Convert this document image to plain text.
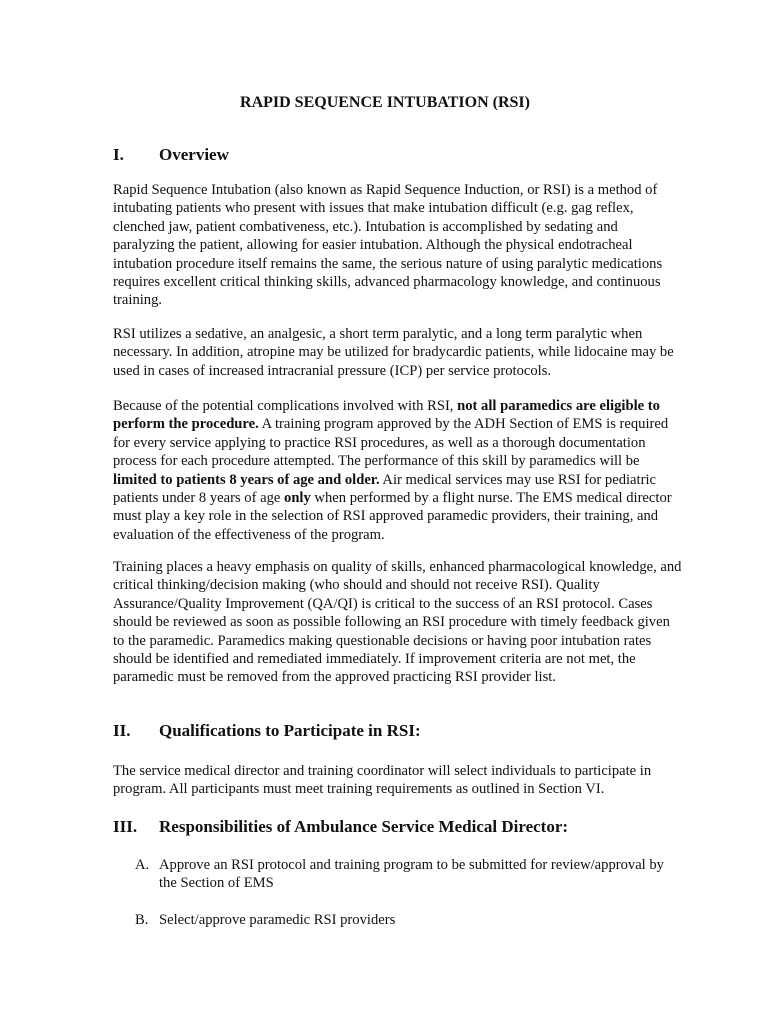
RAPID SEQUENCE INTUBATION (RSI)
I.	Overview

Rapid Sequence Intubation (also known as Rapid Sequence Induction, or RSI) is a method of intubating patients who present with issues that make intubation difficult (e.g. gag reflex, clenched jaw, patient combativeness, etc.). Intubation is accomplished by sedating and paralyzing the patient, allowing for easier intubation. Although the physical endotracheal intubation procedure itself remains the same, the serious nature of using paralytic medications requires excellent critical thinking skills, advanced pharmacology knowledge, and continuous training.

RSI utilizes a sedative, an analgesic, a short term paralytic, and a long term paralytic when necessary. In addition, atropine may be utilized for bradycardic patients, while lidocaine may be used in cases of increased intracranial pressure (ICP) per service protocols.

Because of the potential complications involved with RSI, not all paramedics are eligible to perform the procedure. A training program approved by the ADH Section of EMS is required for every service applying to practice RSI procedures, as well as a thorough documentation process for each procedure attempted. The performance of this skill by paramedics will be limited to patients 8 years of age and older. Air medical services may use RSI for pediatric patients under 8 years of age only when performed by a flight nurse. The EMS medical director must play a key role in the selection of RSI approved paramedic providers, their training, and evaluation of the effectiveness of the program.

Training places a heavy emphasis on quality of skills, enhanced pharmacological knowledge, and critical thinking/decision making (who should and should not receive RSI). Quality Assurance/Quality Improvement (QA/QI) is critical to the success of an RSI protocol. Cases should be reviewed as soon as possible following an RSI procedure with timely feedback given to the paramedic. Paramedics making questionable decisions or having poor intubation rates should be identified and remediated immediately. If improvement criteria are not met, the paramedic must be removed from the approved practicing RSI provider list.

II.	Qualifications to Participate in RSI:

The service medical director and training coordinator will select individuals to participate in program. All participants must meet training requirements as outlined in Section VI.

III.	Responsibilities of Ambulance Service Medical Director:
A. Approve an RSI protocol and training program to be submitted for review/approval by the Section of EMS
B. Select/approve paramedic RSI providers
